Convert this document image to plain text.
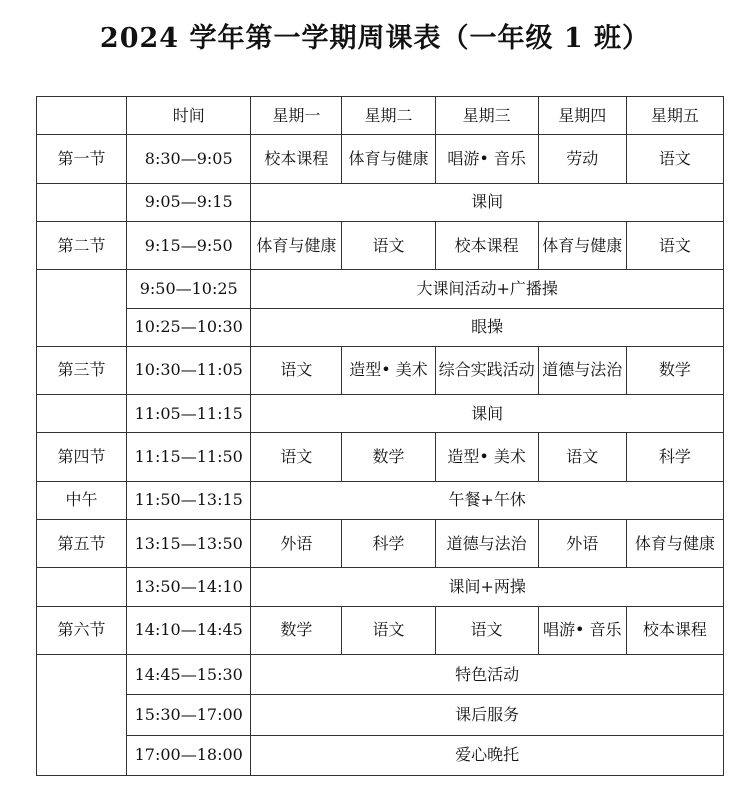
2024 学年第一学期周课表（一年级 1 班）
	时间	星期一	星期二	星期三	星期四	星期五
第一节	8:30—9:05	校本课程	体育与健康	唱游• 音乐	劳动	语文
	9:05—9:15	课间				
第二节	9:15—9:50	体育与健康	语文	校本课程	体育与健康	语文
	9:50—10:25	大课间活动+广播操				
	10:25—10:30	眼操				
第三节	10:30—11:05	语文	造型• 美术	综合实践活动	道德与法治	数学
	11:05—11:15	课间				
第四节	11:15—11:50	语文	数学	造型• 美术	语文	科学
中午	11:50—13:15	午餐+午休				
第五节	13:15—13:50	外语	科学	道德与法治	外语	体育与健康
	13:50—14:10	课间+两操				
第六节	14:10—14:45	数学	语文	语文	唱游• 音乐	校本课程
	14:45—15:30	特色活动				
	15:30—17:00	课后服务				
	17:00—18:00	爱心晚托				
